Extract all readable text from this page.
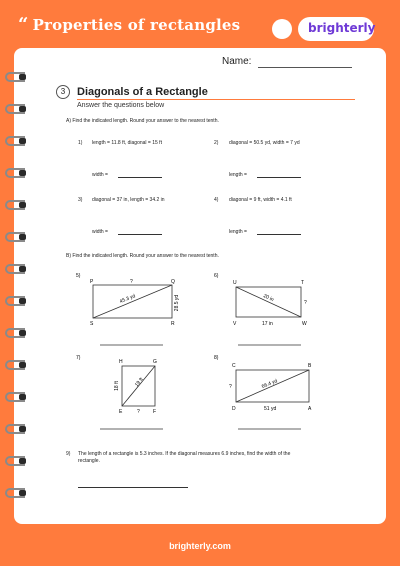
“ Properties of rectangles	brighterly
Name:
3	Diagonals of a Rectangle
Answer the questions below
A) Find the indicated length. Round your answer to the nearest tenth.
1) length = 11.8 ft, diagonal = 15 ft
width =
2) diagonal = 50.5 yd, width = 7 yd
length =
3) diagonal = 37 in, length = 34.2 in
width =
4) diagonal = 9 ft, width = 4.1 ft
length =
B) Find the indicated length. Round your answer to the nearest tenth.
5)
P	Q
S	R
?
28.5 yd
45.3 yd
6)
U	T
V	W
?
17 in
20 in
7)
H	G
E	F
18 ft
?
19 ft
8)
C	B
D	A
?
51 yd
66.4 yd
9) The length of a rectangle is 5.3 inches. If the diagonal measures 6.9 inches, find the width of the
rectangle.
brighterly.com
